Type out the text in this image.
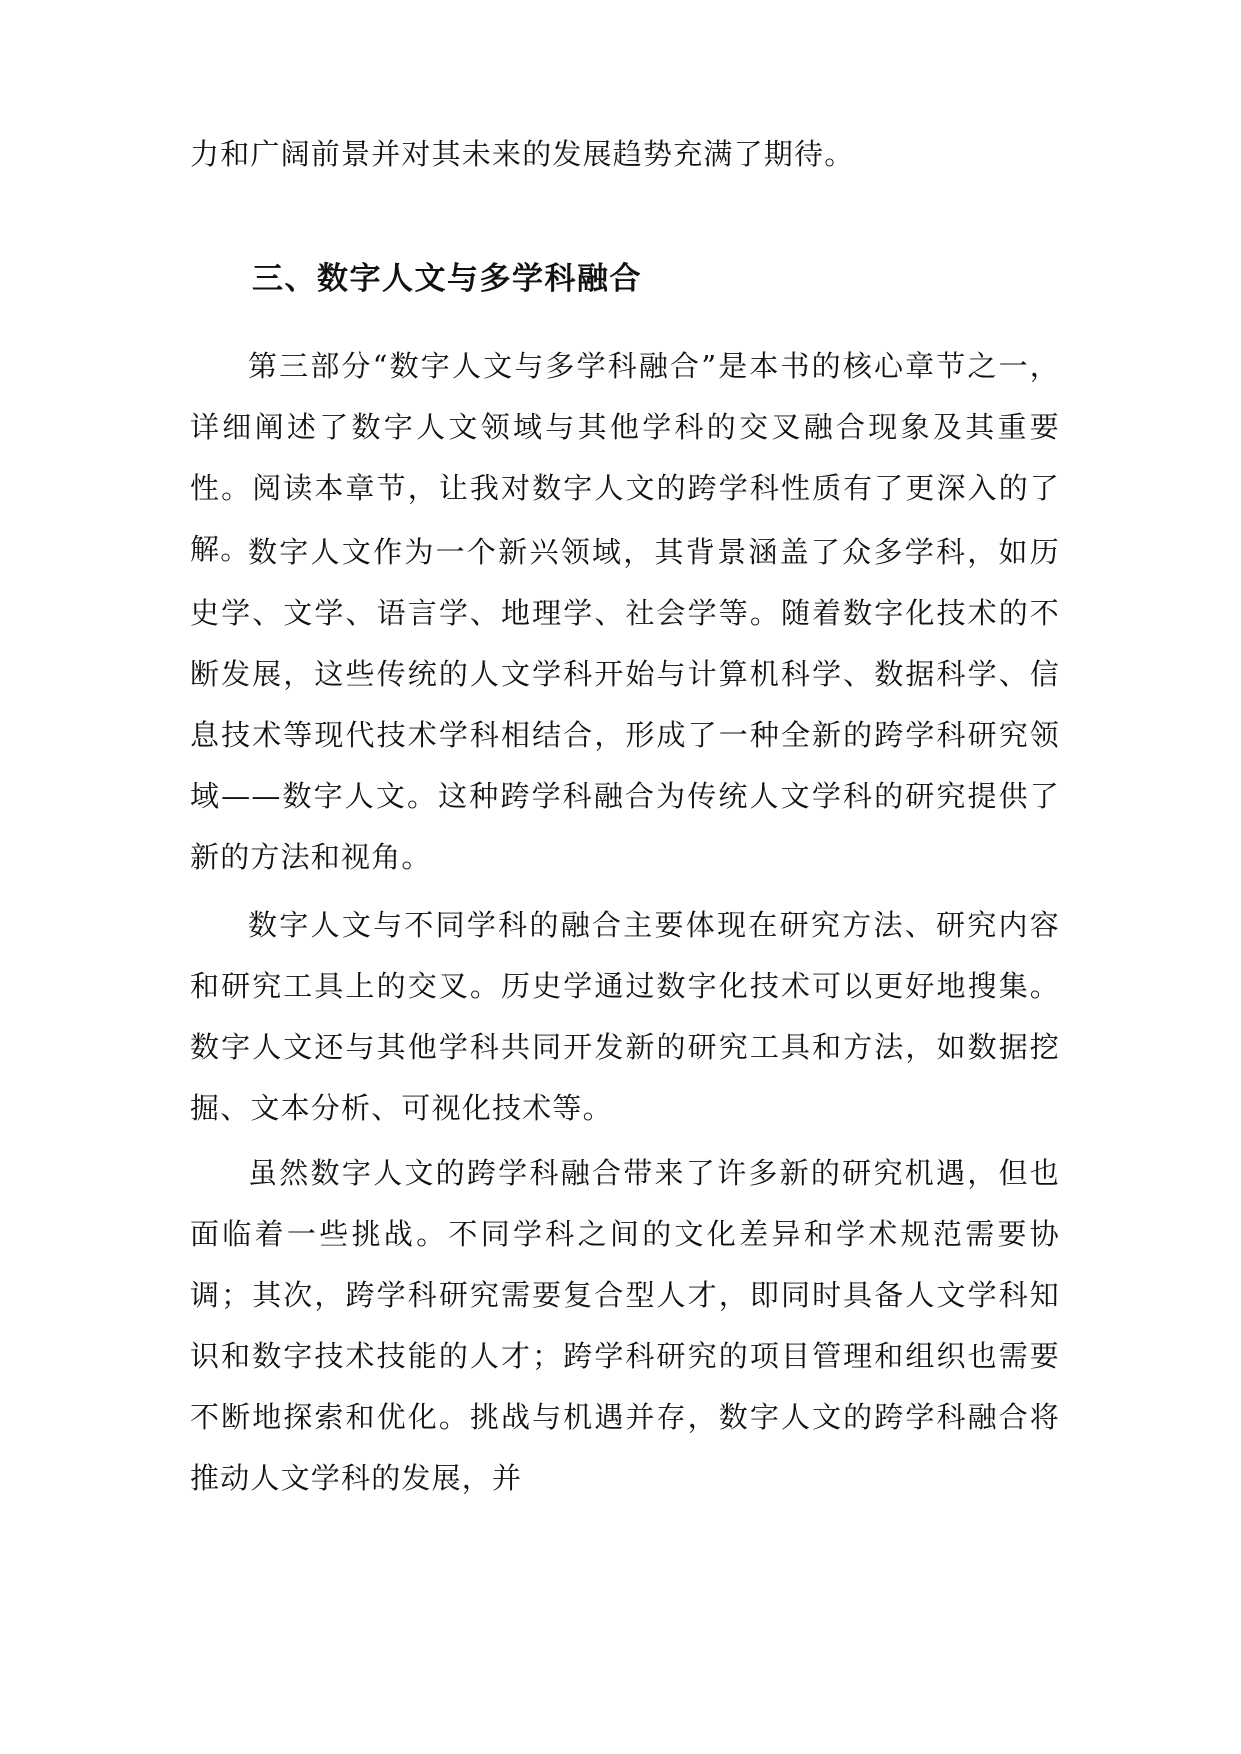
力和广阔前景并对其未来的发展趋势充满了期待。

三、数字人文与多学科融合

第三部分“数字人文与多学科融合”是本书的核心章节之一，详细阐述了数字人文领域与其他学科的交叉融合现象及其重要性。阅读本章节，让我对数字人文的跨学科性质有了更深入的了解。

数字人文作为一个新兴领域，其背景涵盖了众多学科，如历史学、文学、语言学、地理学、社会学等。随着数字化技术的不断发展，这些传统的人文学科开始与计算机科学、数据科学、信息技术等现代技术学科相结合，形成了一种全新的跨学科研究领域——数字人文。这种跨学科融合为传统人文学科的研究提供了新的方法和视角。

数字人文与不同学科的融合主要体现在研究方法、研究内容和研究工具上的交叉。历史学通过数字化技术可以更好地搜集。数字人文还与其他学科共同开发新的研究工具和方法，如数据挖掘、文本分析、可视化技术等。

虽然数字人文的跨学科融合带来了许多新的研究机遇，但也面临着一些挑战。不同学科之间的文化差异和学术规范需要协调；其次，跨学科研究需要复合型人才，即同时具备人文学科知识和数字技术技能的人才；跨学科研究的项目管理和组织也需要不断地探索和优化。挑战与机遇并存，数字人文的跨学科融合将推动人文学科的发展，并
